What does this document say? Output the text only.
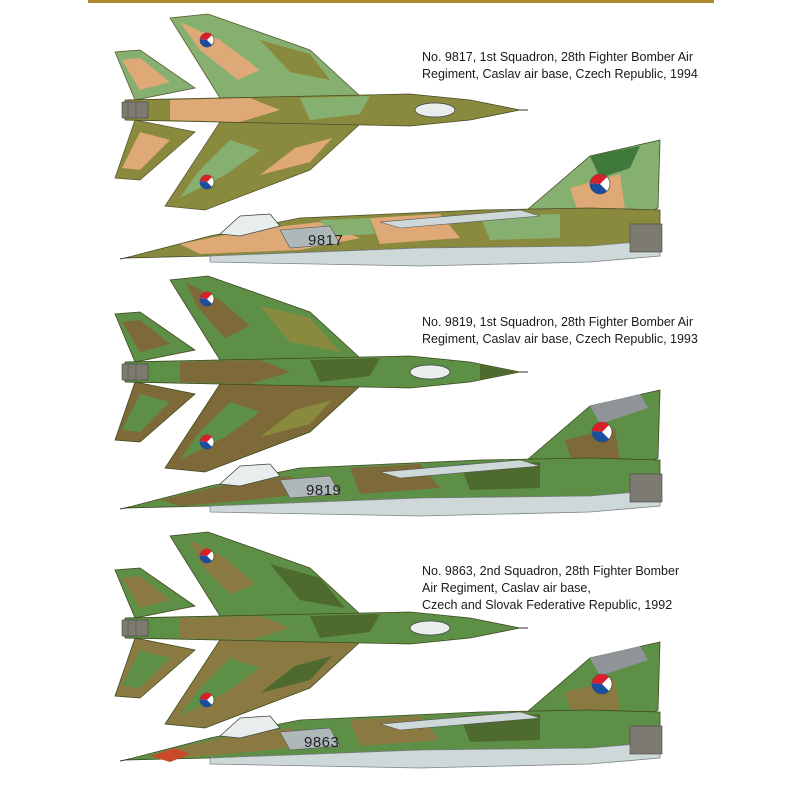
No. 9817, 1st Squadron, 28th Fighter Bomber Air
Regiment, Caslav air base, Czech Republic, 1994
9817
No. 9819, 1st Squadron, 28th Fighter Bomber Air
Regiment, Caslav air base, Czech Republic, 1993
9819
No. 9863, 2nd Squadron, 28th Fighter Bomber
Air Regiment, Caslav air base,
Czech and Slovak Federative Republic, 1992
9863
